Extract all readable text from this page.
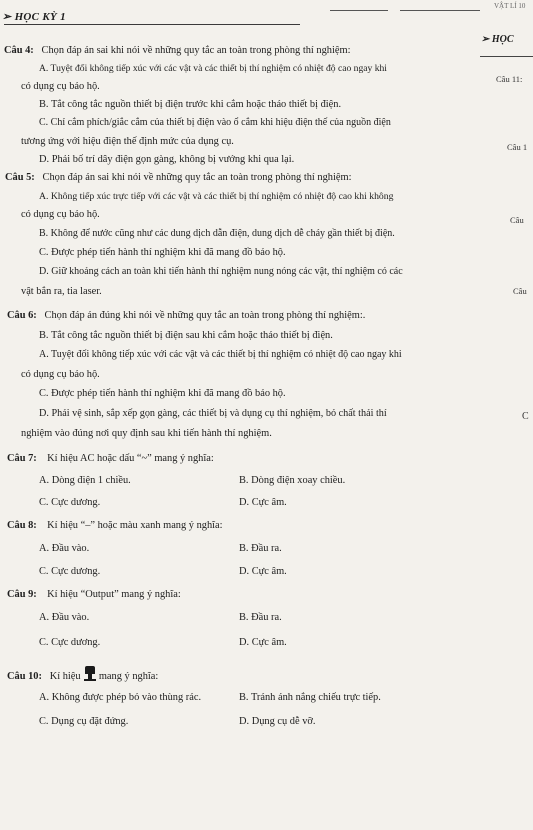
➢ HỌC KỲ 1
VẬT LÍ 10
➢ HỌC
Câu 11:
Câu 1
Câu
Câu
C
Câu 4: Chọn đáp án sai khi nói về những quy tắc an toàn trong phòng thí nghiệm:
A. Tuyệt đối không tiếp xúc với các vật và các thiết bị thí nghiệm có nhiệt độ cao ngay khi
có dụng cụ bảo hộ.
B. Tắt công tắc nguồn thiết bị điện trước khi cắm hoặc tháo thiết bị điện.
C. Chỉ cắm phích/giắc cắm của thiết bị điện vào ổ cắm khi hiệu điện thế của nguồn điện
tương ứng với hiệu điện thế định mức của dụng cụ.
D. Phải bố trí dây điện gọn gàng, không bị vướng khi qua lại.
Câu 5: Chọn đáp án sai khi nói về những quy tắc an toàn trong phòng thí nghiệm:
A. Không tiếp xúc trực tiếp với các vật và các thiết bị thí nghiệm có nhiệt độ cao khi không
có dụng cụ bảo hộ.
B. Không để nước cũng như các dung dịch dẫn điện, dung dịch dễ cháy gần thiết bị điện.
C. Được phép tiến hành thí nghiệm khi đã mang đồ bảo hộ.
D. Giữ khoảng cách an toàn khi tiến hành thí nghiệm nung nóng các vật, thí nghiệm có các
vật bắn ra, tia laser.
Câu 6: Chọn đáp án đúng khi nói về những quy tắc an toàn trong phòng thí nghiệm:.
B. Tắt công tắc nguồn thiết bị điện sau khi cắm hoặc tháo thiết bị điện.
A. Tuyệt đối không tiếp xúc với các vật và các thiết bị thí nghiệm có nhiệt độ cao ngay khi
có dụng cụ bảo hộ.
C. Được phép tiến hành thí nghiệm khi đã mang đồ bảo hộ.
D. Phải vệ sinh, sắp xếp gọn gàng, các thiết bị và dụng cụ thí nghiệm, bỏ chất thải thí
nghiệm vào đúng nơi quy định sau khi tiến hành thí nghiệm.
Câu 7: Kí hiệu AC hoặc dấu “~” mang ý nghĩa:
A. Dòng điện 1 chiều.	B. Dòng điện xoay chiều.
C. Cực dương.	D. Cực âm.
Câu 8: Kí hiệu “–” hoặc màu xanh mang ý nghĩa:
A. Đầu vào.	B. Đầu ra.
C. Cực dương.	D. Cực âm.
Câu 9: Kí hiệu “Output” mang ý nghĩa:
A. Đầu vào.	B. Đầu ra.
C. Cực dương.	D. Cực âm.
Câu 10: Kí hiệu mang ý nghĩa:
A. Không được phép bỏ vào thùng rác.	B. Tránh ánh nắng chiếu trực tiếp.
C. Dụng cụ đặt đứng.	D. Dụng cụ dễ vỡ.
